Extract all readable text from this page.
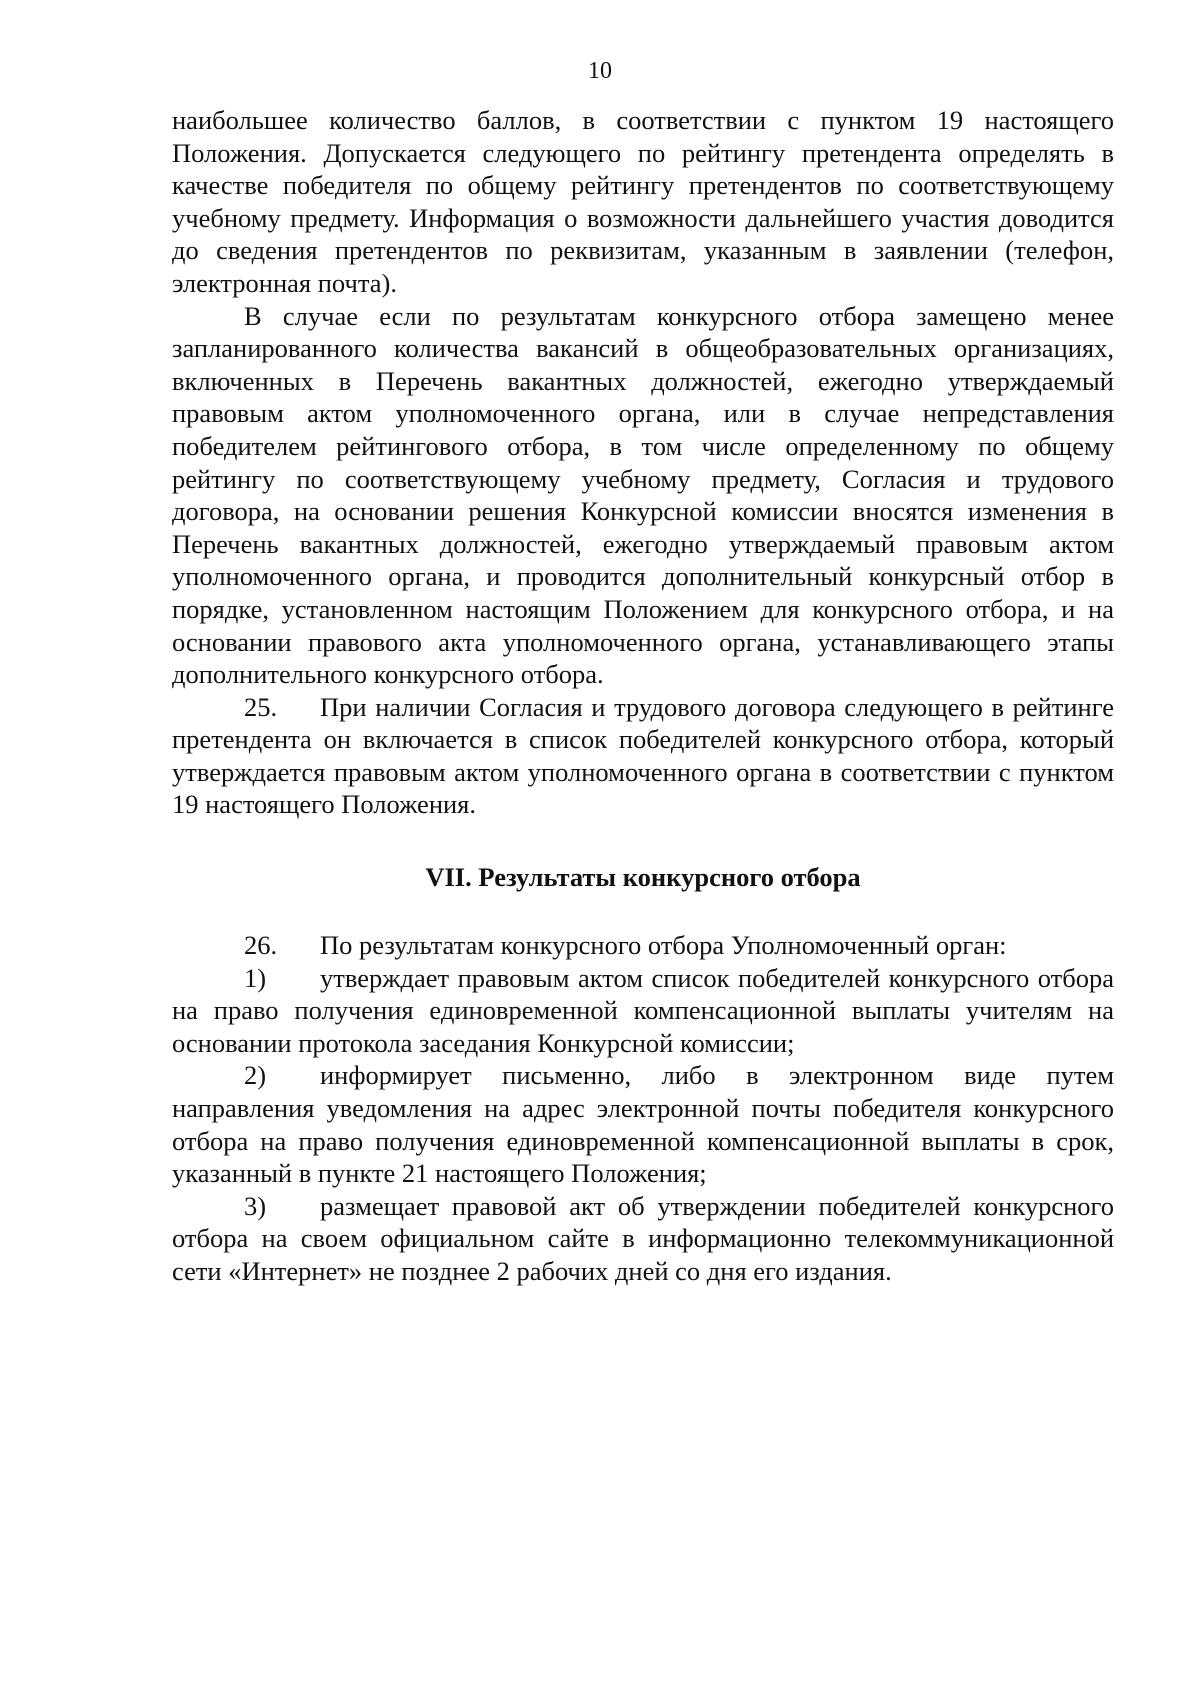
10

наибольшее количество баллов, в соответствии с пунктом 19 настоящего Положения. Допускается следующего по рейтингу претендента определять в качестве победителя по общему рейтингу претендентов по соответствующему учебному предмету. Информация о возможности дальнейшего участия доводится до сведения претендентов по реквизитам, указанным в заявлении (телефон, электронная почта).

В случае если по результатам конкурсного отбора замещено менее запланированного количества вакансий в общеобразовательных организациях, включенных в Перечень вакантных должностей, ежегодно утверждаемый правовым актом уполномоченного органа, или в случае непредставления победителем рейтингового отбора, в том числе определенному по общему рейтингу по соответствующему учебному предмету, Согласия и трудового договора, на основании решения Конкурсной комиссии вносятся изменения в Перечень вакантных должностей, ежегодно утверждаемый правовым актом уполномоченного органа, и проводится дополнительный конкурсный отбор в порядке, установленном настоящим Положением для конкурсного отбора, и на основании правового акта уполномоченного органа, устанавливающего этапы дополнительного конкурсного отбора.

25. При наличии Согласия и трудового договора следующего в рейтинге претендента он включается в список победителей конкурсного отбора, который утверждается правовым актом уполномоченного органа в соответствии с пунктом 19 настоящего Положения.

VII. Результаты конкурсного отбора

26. По результатам конкурсного отбора Уполномоченный орган:

1) утверждает правовым актом список победителей конкурсного отбора на право получения единовременной компенсационной выплаты учителям на основании протокола заседания Конкурсной комиссии;

2) информирует письменно, либо в электронном виде путем направления уведомления на адрес электронной почты победителя конкурсного отбора на право получения единовременной компенсационной выплаты в срок, указанный в пункте 21 настоящего Положения;

3) размещает правовой акт об утверждении победителей конкурсного отбора на своем официальном сайте в информационно телекоммуникационной сети «Интернет» не позднее 2 рабочих дней со дня его издания.
